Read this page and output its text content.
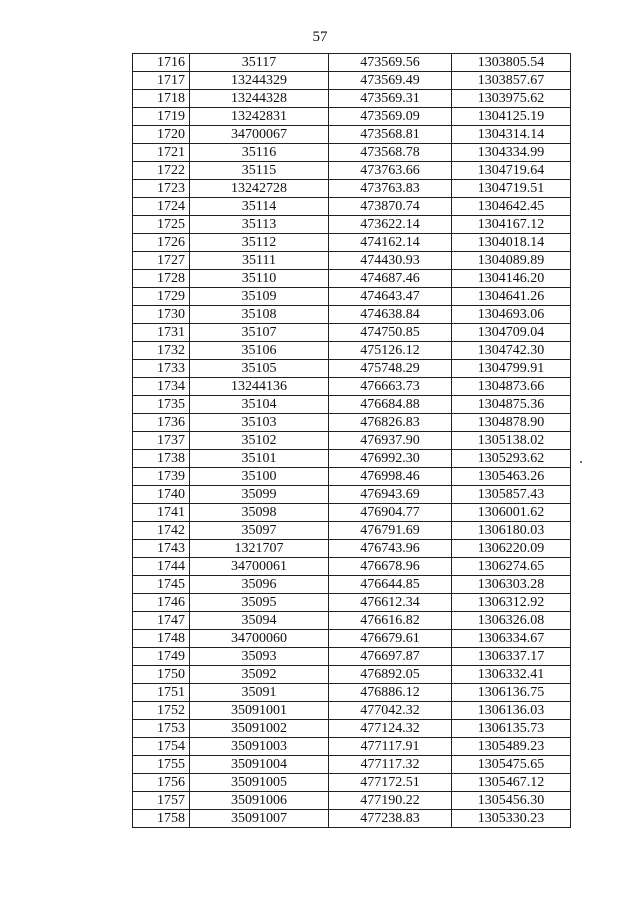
57
1716	35117	473569.56	1303805.54
1717	13244329	473569.49	1303857.67
1718	13244328	473569.31	1303975.62
1719	13242831	473569.09	1304125.19
1720	34700067	473568.81	1304314.14
1721	35116	473568.78	1304334.99
1722	35115	473763.66	1304719.64
1723	13242728	473763.83	1304719.51
1724	35114	473870.74	1304642.45
1725	35113	473622.14	1304167.12
1726	35112	474162.14	1304018.14
1727	35111	474430.93	1304089.89
1728	35110	474687.46	1304146.20
1729	35109	474643.47	1304641.26
1730	35108	474638.84	1304693.06
1731	35107	474750.85	1304709.04
1732	35106	475126.12	1304742.30
1733	35105	475748.29	1304799.91
1734	13244136	476663.73	1304873.66
1735	35104	476684.88	1304875.36
1736	35103	476826.83	1304878.90
1737	35102	476937.90	1305138.02
1738	35101	476992.30	1305293.62
1739	35100	476998.46	1305463.26
1740	35099	476943.69	1305857.43
1741	35098	476904.77	1306001.62
1742	35097	476791.69	1306180.03
1743	1321707	476743.96	1306220.09
1744	34700061	476678.96	1306274.65
1745	35096	476644.85	1306303.28
1746	35095	476612.34	1306312.92
1747	35094	476616.82	1306326.08
1748	34700060	476679.61	1306334.67
1749	35093	476697.87	1306337.17
1750	35092	476892.05	1306332.41
1751	35091	476886.12	1306136.75
1752	35091001	477042.32	1306136.03
1753	35091002	477124.32	1306135.73
1754	35091003	477117.91	1305489.23
1755	35091004	477117.32	1305475.65
1756	35091005	477172.51	1305467.12
1757	35091006	477190.22	1305456.30
1758	35091007	477238.83	1305330.23
